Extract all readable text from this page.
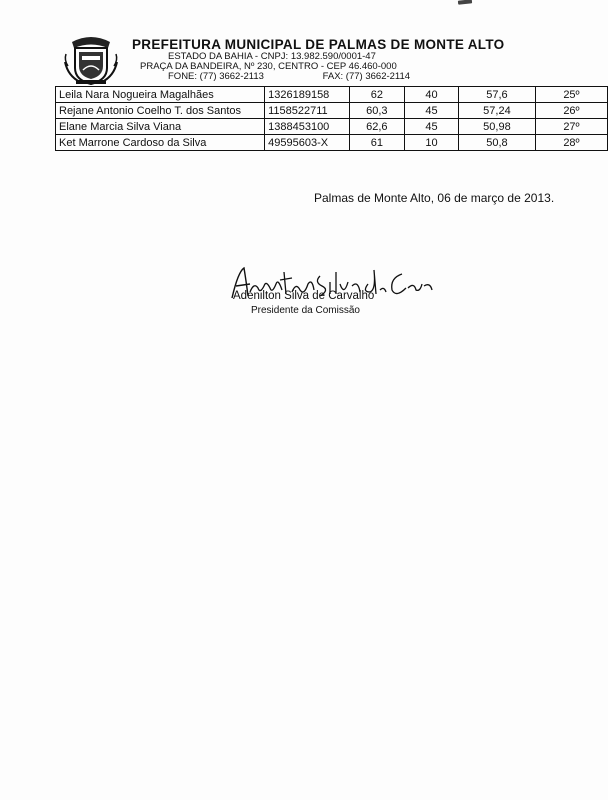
PREFEITURA MUNICIPAL DE PALMAS DE MONTE ALTO

ESTADO DA BAHIA - CNPJ: 13.982.590/0001-47

PRAÇA DA BANDEIRA, Nº 230, CENTRO - CEP 46.460-000

FONE: (77) 3662-2113	FAX: (77) 3662-2114

Leila Nara Nogueira Magalhães	1326189158	62	40	57,6	25º
Rejane Antonio Coelho T. dos Santos	1158522711	60,3	45	57,24	26º
Elane Marcia Silva Viana	1388453100	62,6	45	50,98	27º
Ket Marrone Cardoso da Silva	49595603-X	61	10	50,8	28º
Palmas de Monte Alto, 06 de março de 2013.
Adenilton Silva de Carvalho
Presidente da Comissão
